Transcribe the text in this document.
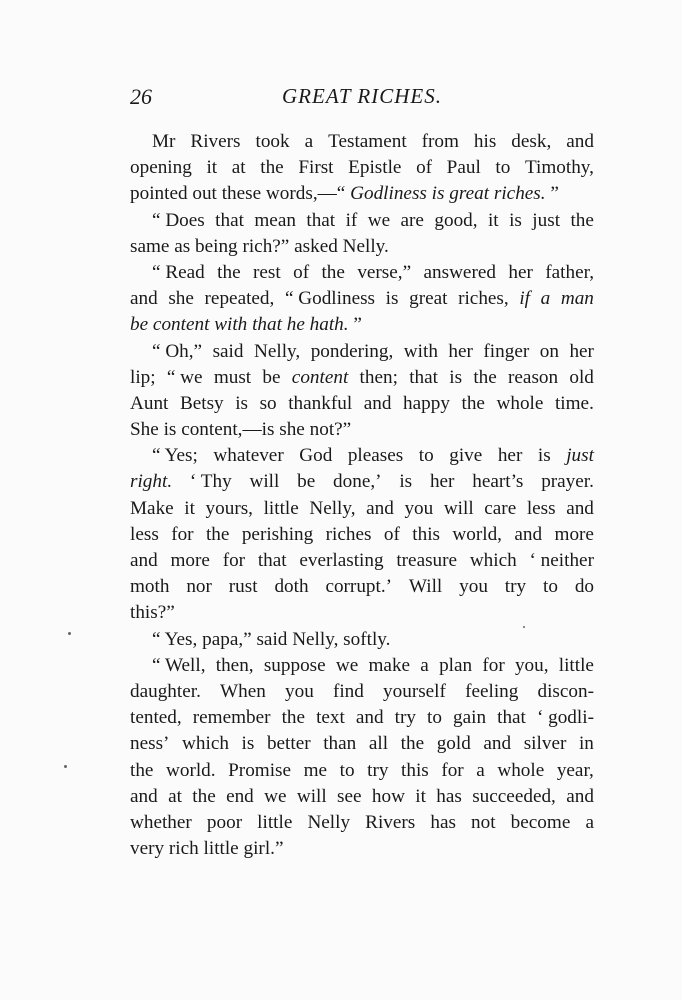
26	GREAT RICHES.
Mr Rivers took a Testament from his desk, and
opening it at the First Epistle of Paul to Timothy,
pointed out these words,—“ Godliness is great riches. ”
“ Does that mean that if we are good, it is just the
same as being rich?” asked Nelly.
“ Read the rest of the verse,” answered her father,
and she repeated, “ Godliness is great riches, if a man
be content with that he hath. ”
“ Oh,” said Nelly, pondering, with her finger on her
lip; “ we must be content then; that is the reason old
Aunt Betsy is so thankful and happy the whole time.
She is content,—is she not?”
“ Yes; whatever God pleases to give her is just
right. ‘ Thy will be done,’ is her heart’s prayer.
Make it yours, little Nelly, and you will care less and
less for the perishing riches of this world, and more
and more for that everlasting treasure which ‘ neither
moth nor rust doth corrupt.’ Will you try to do
this?”
“ Yes, papa,” said Nelly, softly.
“ Well, then, suppose we make a plan for you, little
daughter. When you find yourself feeling discon-
tented, remember the text and try to gain that ‘ godli-
ness’ which is better than all the gold and silver in
the world. Promise me to try this for a whole year,
and at the end we will see how it has succeeded, and
whether poor little Nelly Rivers has not become a
very rich little girl.”
